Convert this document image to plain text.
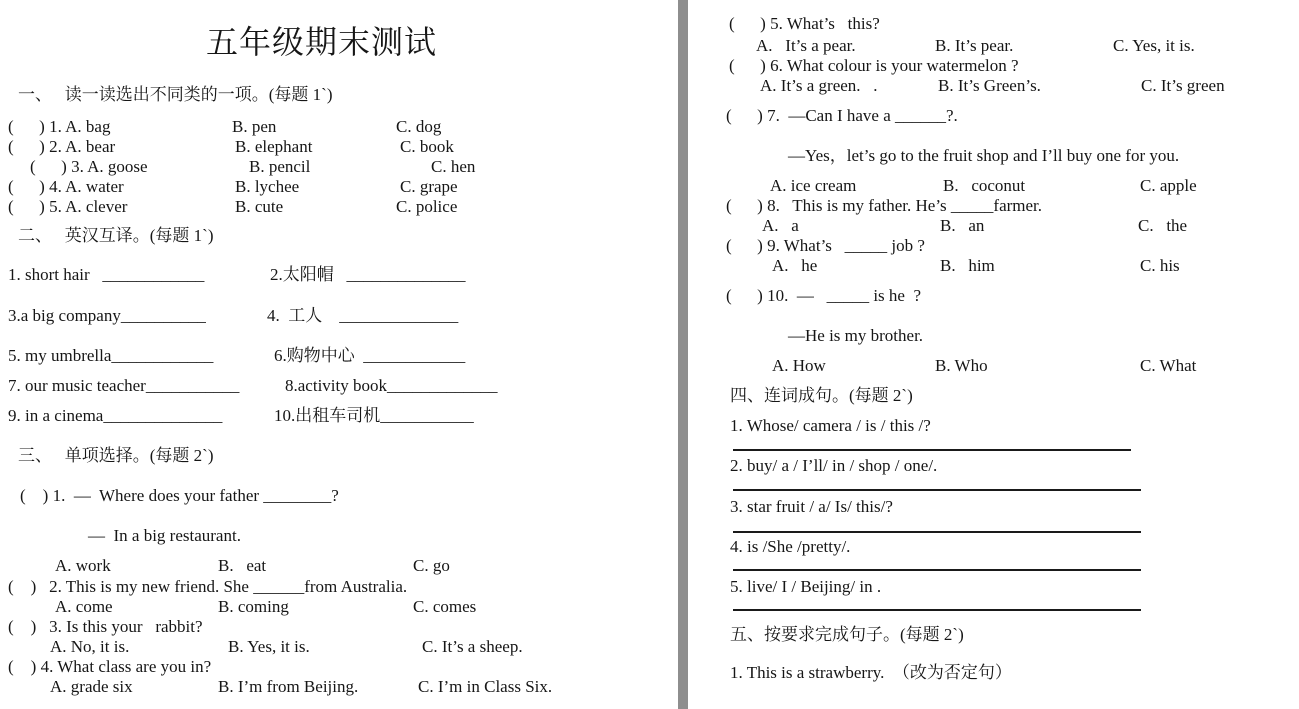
五年级期末测试
一、   读一读选出不同类的一项。(每题 1`)
(      ) 1. A. bag	B. pen	C. dog
(      ) 2. A. bear	B. elephant	C. book
(      ) 3. A. goose	B. pencil	C. hen
(      ) 4. A. water	B. lychee	C. grape
(      ) 5. A. clever	B. cute	C. police
二、   英汉互译。(每题 1`)
1. short hair   ____________	2.太阳帽   ______________
3.a big company__________	4.  工人    ______________
5. my umbrella____________	6.购物中心  ____________
7. our music teacher___________	8.activity book_____________
9. in a cinema______________	10.出租车司机___________
三、   单项选择。(每题 2`)
(    ) 1.  —  Where does your father ________?
—  In a big restaurant.
A. work	B.   eat	C. go
(    )   2. This is my new friend. She ______from Australia.
A. come	B. coming	C. comes
(    )   3. Is this your   rabbit?
A. No, it is.	B. Yes, it is.	C. It’s a sheep.
(    ) 4. What class are you in?
A. grade six	B. I’m from Beijing.	C. I’m in Class Six.
(      ) 5. What’s   this?
A.   It’s a pear.	B. It’s pear.	C. Yes, it is.
(      ) 6. What colour is your watermelon ?
A. It’s a green.   .	B. It’s Green’s.	C. It’s green
(      ) 7.  —Can I have a ______?.
—Yes，let’s go to the fruit shop and I’ll buy one for you.
A. ice cream	B.   coconut	C. apple
(      ) 8.   This is my father. He’s _____farmer.
A.   a	B.   an	C.   the
(      ) 9. What’s   _____ job ?
A.   he	B.   him	C. his
(      ) 10.  —   _____ is he  ?
—He is my brother.
A. How	B. Who	C. What
四、连词成句。(每题 2`)
1. Whose/ camera / is / this /?
2. buy/ a / I’ll/ in / shop / one/.
3. star fruit / a/ Is/ this/?
4. is /She /pretty/.
5. live/ I / Beijing/ in .
五、按要求完成句子。(每题 2`)
1. This is a strawberry.  （改为否定句）
